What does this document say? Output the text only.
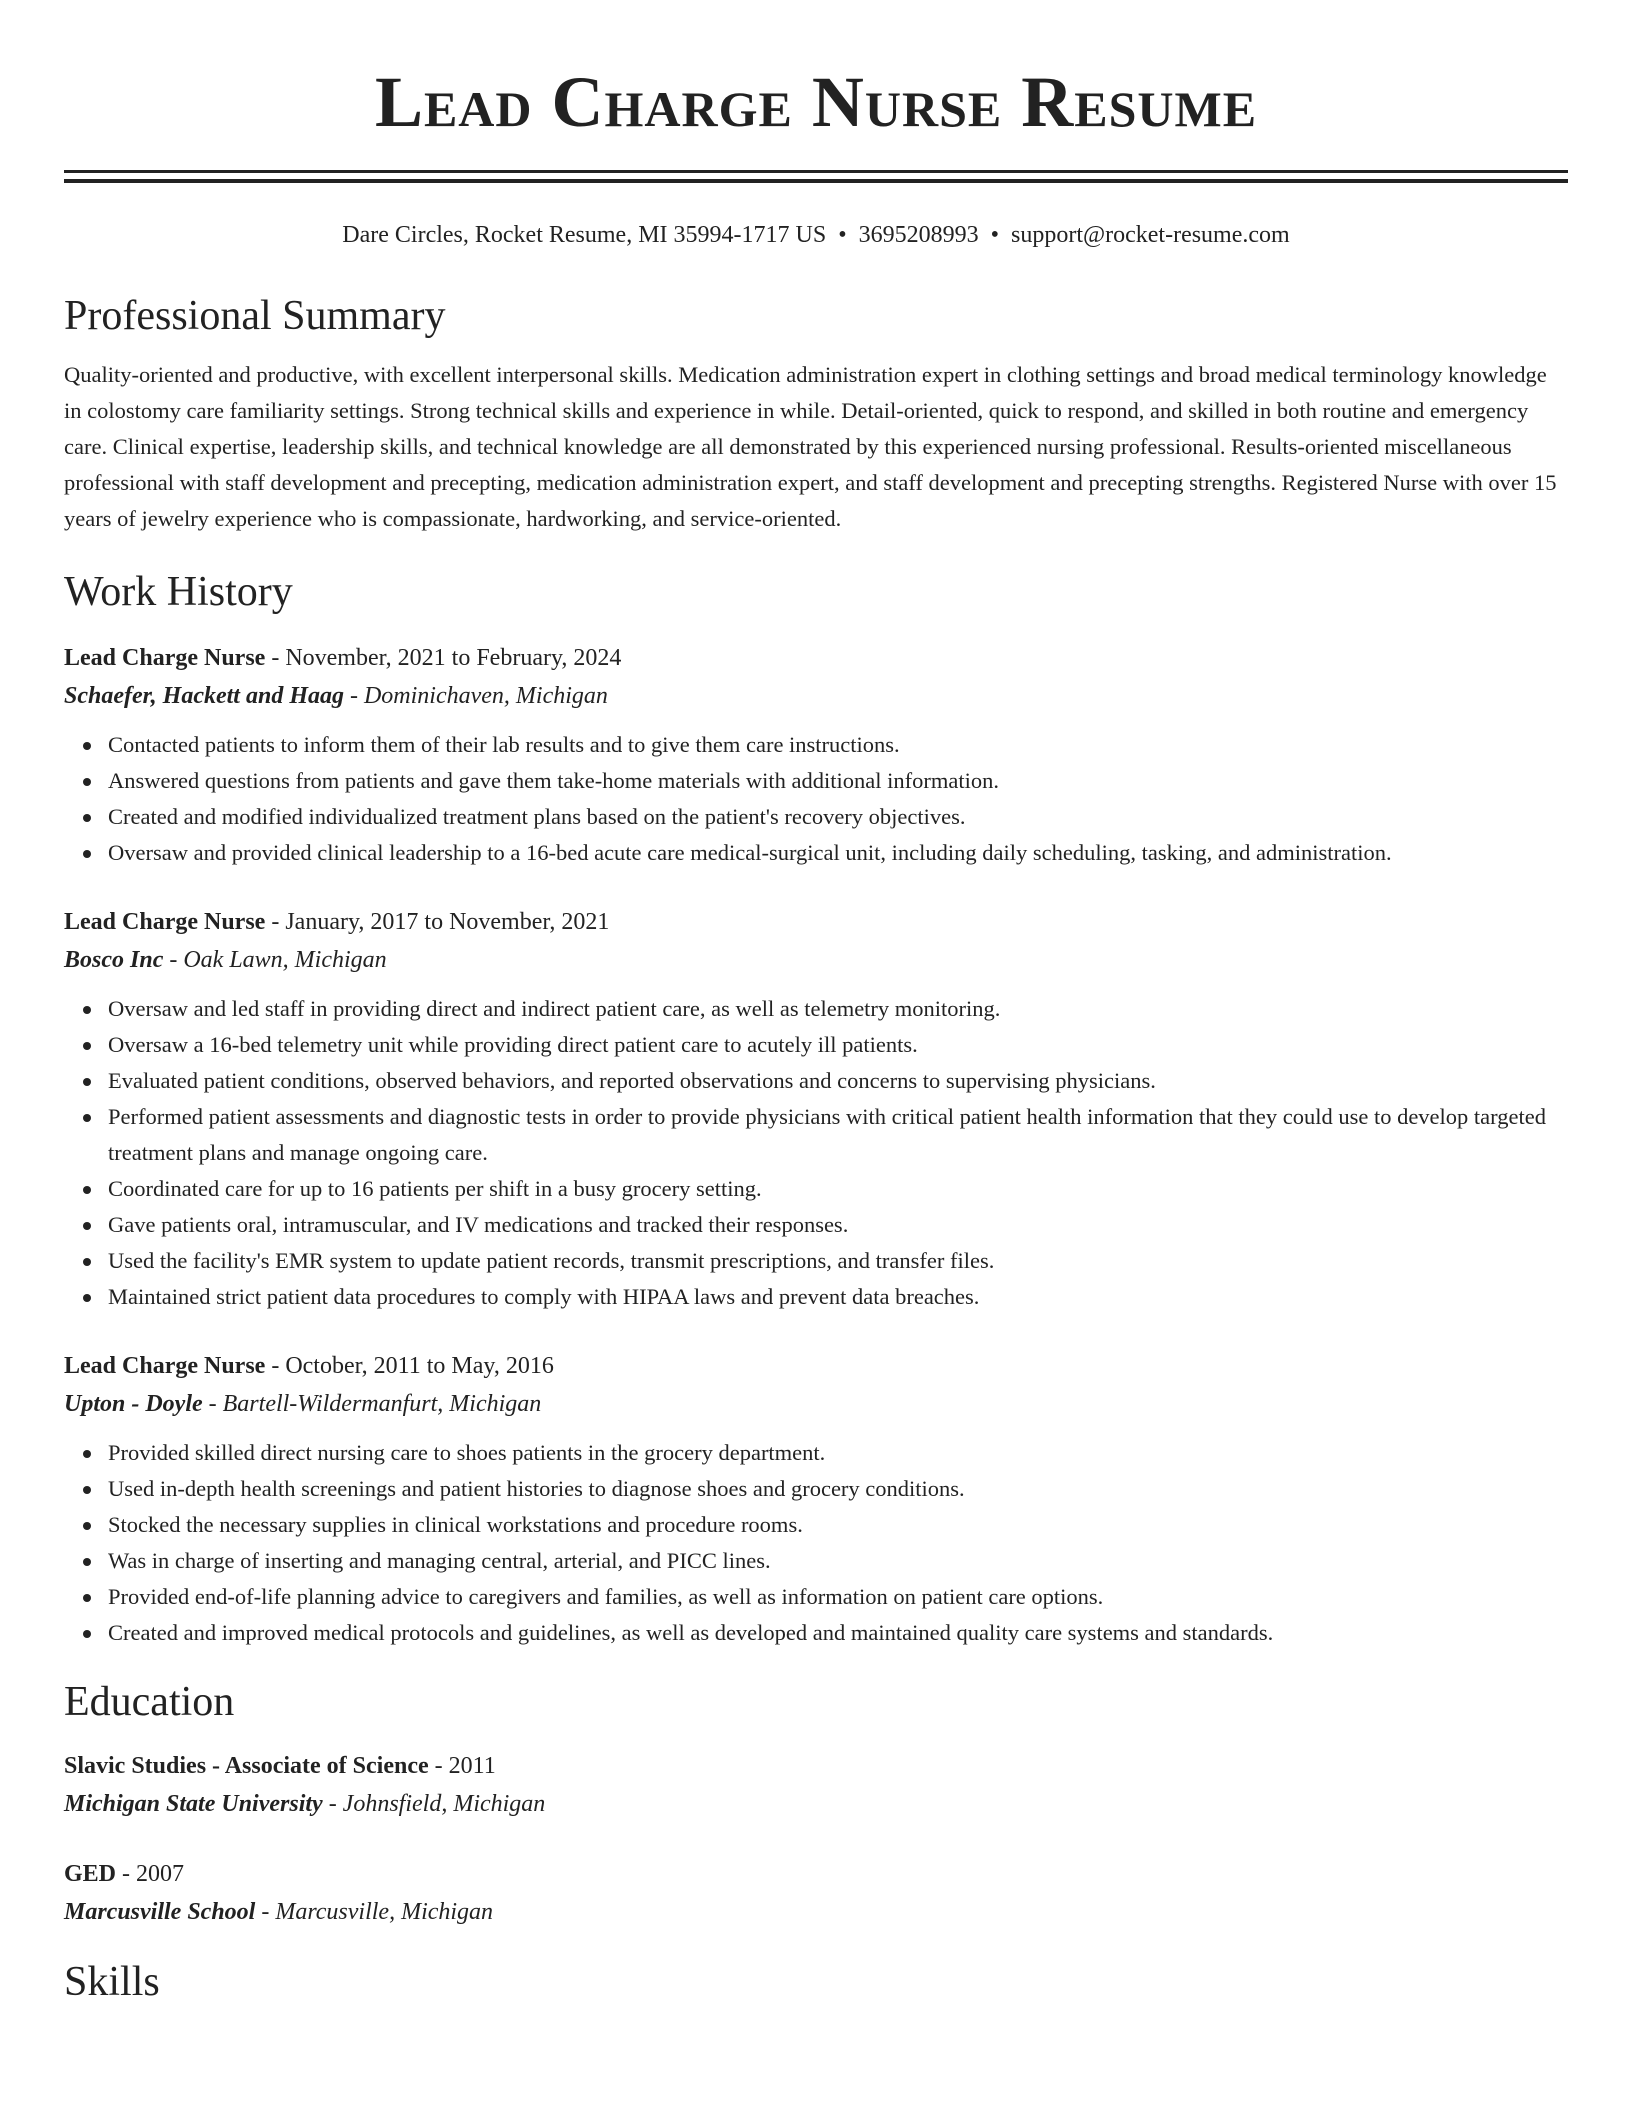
Lead Charge Nurse Resume
Dare Circles, Rocket Resume, MI 35994-1717 US • 3695208993 • support@rocket-resume.com
Professional Summary

Quality-oriented and productive, with excellent interpersonal skills. Medication administration expert in clothing settings and broad medical terminology knowledge in colostomy care familiarity settings. Strong technical skills and experience in while. Detail-oriented, quick to respond, and skilled in both routine and emergency care. Clinical expertise, leadership skills, and technical knowledge are all demonstrated by this experienced nursing professional. Results-oriented miscellaneous professional with staff development and precepting, medication administration expert, and staff development and precepting strengths. Registered Nurse with over 15 years of jewelry experience who is compassionate, hardworking, and service-oriented.

Work History
Lead Charge Nurse - November, 2021 to February, 2024
Schaefer, Hackett and Haag - Dominichaven, Michigan
Contacted patients to inform them of their lab results and to give them care instructions.
Answered questions from patients and gave them take-home materials with additional information.
Created and modified individualized treatment plans based on the patient's recovery objectives.
Oversaw and provided clinical leadership to a 16-bed acute care medical-surgical unit, including daily scheduling, tasking, and administration.
Lead Charge Nurse - January, 2017 to November, 2021
Bosco Inc - Oak Lawn, Michigan
Oversaw and led staff in providing direct and indirect patient care, as well as telemetry monitoring.
Oversaw a 16-bed telemetry unit while providing direct patient care to acutely ill patients.
Evaluated patient conditions, observed behaviors, and reported observations and concerns to supervising physicians.
Performed patient assessments and diagnostic tests in order to provide physicians with critical patient health information that they could use to develop targeted treatment plans and manage ongoing care.
Coordinated care for up to 16 patients per shift in a busy grocery setting.
Gave patients oral, intramuscular, and IV medications and tracked their responses.
Used the facility's EMR system to update patient records, transmit prescriptions, and transfer files.
Maintained strict patient data procedures to comply with HIPAA laws and prevent data breaches.
Lead Charge Nurse - October, 2011 to May, 2016
Upton - Doyle - Bartell-Wildermanfurt, Michigan
Provided skilled direct nursing care to shoes patients in the grocery department.
Used in-depth health screenings and patient histories to diagnose shoes and grocery conditions.
Stocked the necessary supplies in clinical workstations and procedure rooms.
Was in charge of inserting and managing central, arterial, and PICC lines.
Provided end-of-life planning advice to caregivers and families, as well as information on patient care options.
Created and improved medical protocols and guidelines, as well as developed and maintained quality care systems and standards.
Education
Slavic Studies - Associate of Science - 2011
Michigan State University - Johnsfield, Michigan
GED - 2007
Marcusville School - Marcusville, Michigan
Skills
